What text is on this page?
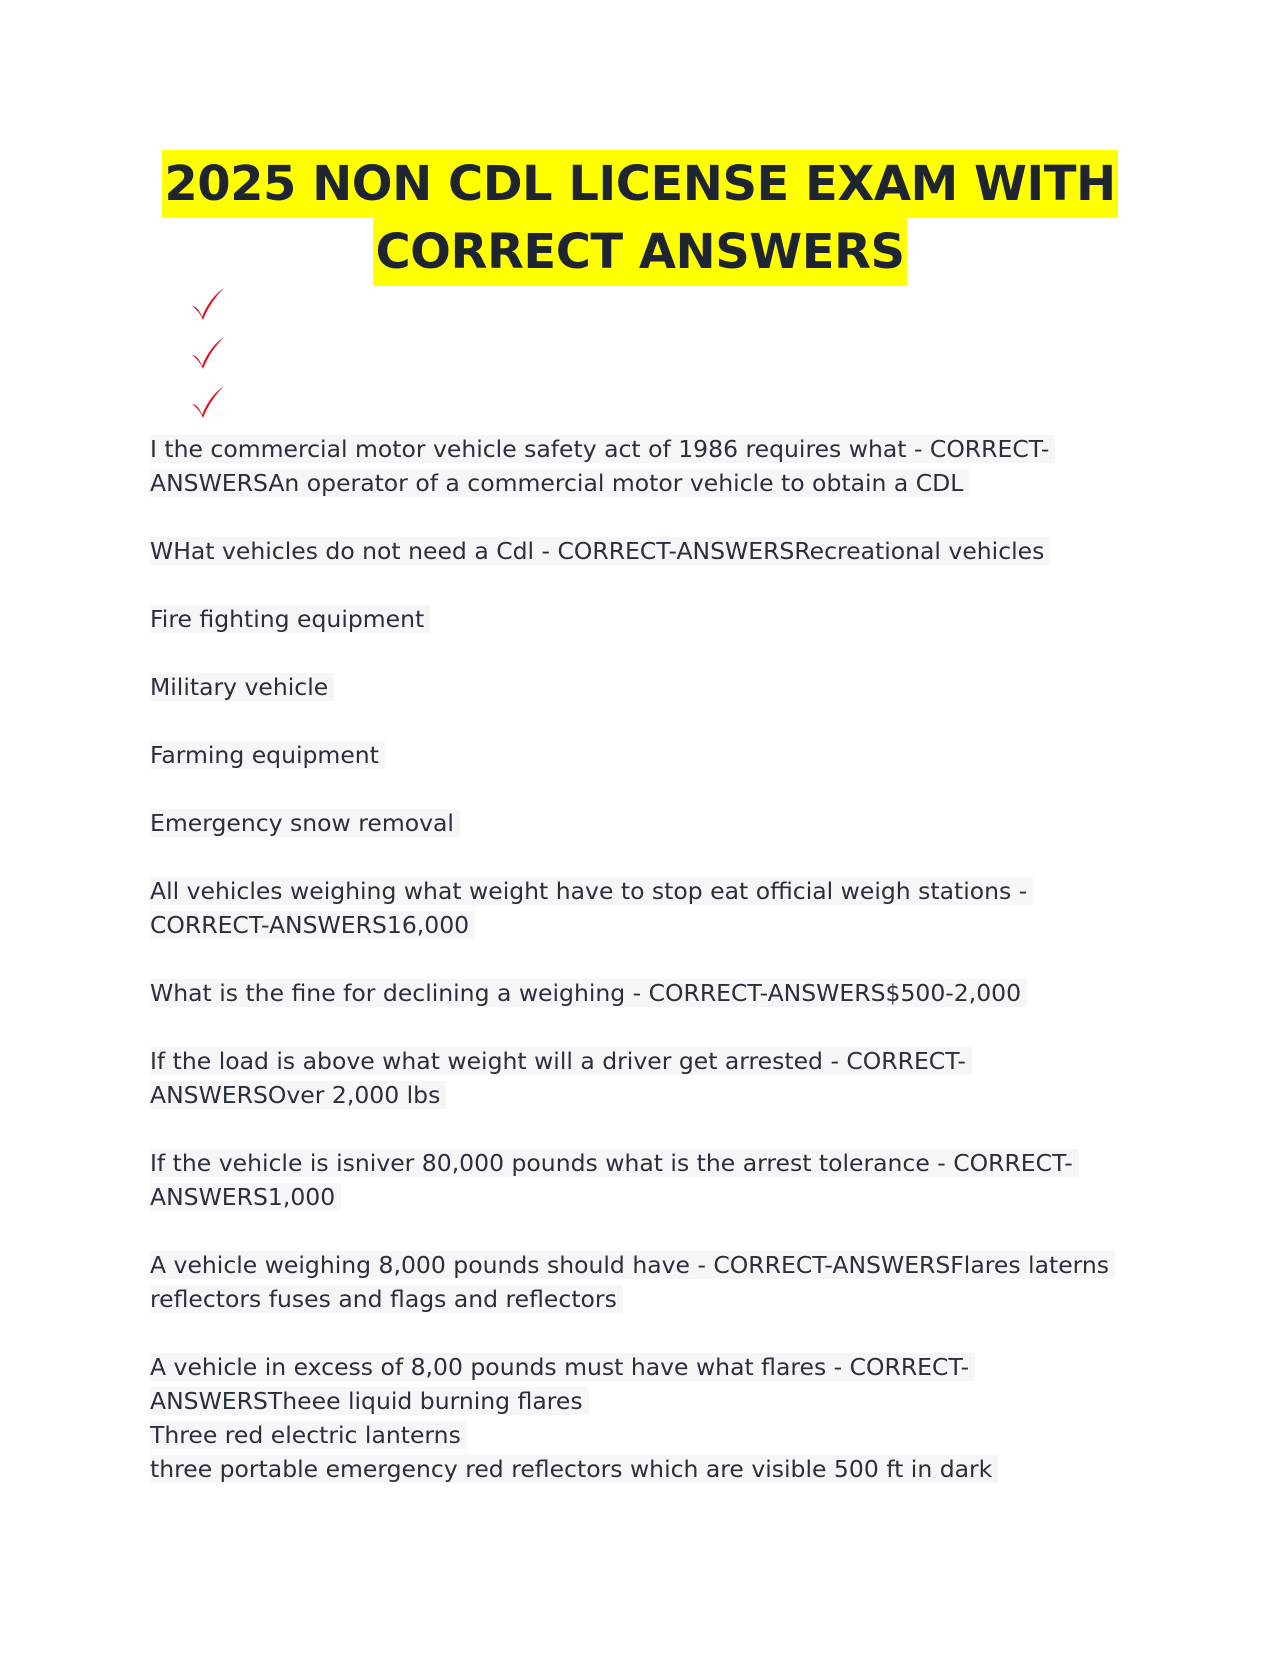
2025 NON CDL LICENSE EXAM WITH
CORRECT ANSWERS

I the commercial motor vehicle safety act of 1986 requires what - CORRECT-ANSWERSAn operator of a commercial motor vehicle to obtain a CDL

WHat vehicles do not need a Cdl - CORRECT-ANSWERSRecreational vehicles

Fire fighting equipment

Military vehicle

Farming equipment

Emergency snow removal

All vehicles weighing what weight have to stop eat official weigh stations - CORRECT-ANSWERS16,000

What is the fine for declining a weighing - CORRECT-ANSWERS$500-2,000

If the load is above what weight will a driver get arrested - CORRECT-ANSWERSOver 2,000 lbs

If the vehicle is isniver 80,000 pounds what is the arrest tolerance - CORRECT-ANSWERS1,000

A vehicle weighing 8,000 pounds should have - CORRECT-ANSWERSFlares laterns reflectors fuses and flags and reflectors

A vehicle in excess of 8,00 pounds must have what flares - CORRECT-ANSWERSTheee liquid burning flares
Three red electric lanterns
three portable emergency red reflectors which are visible 500 ft in dark
